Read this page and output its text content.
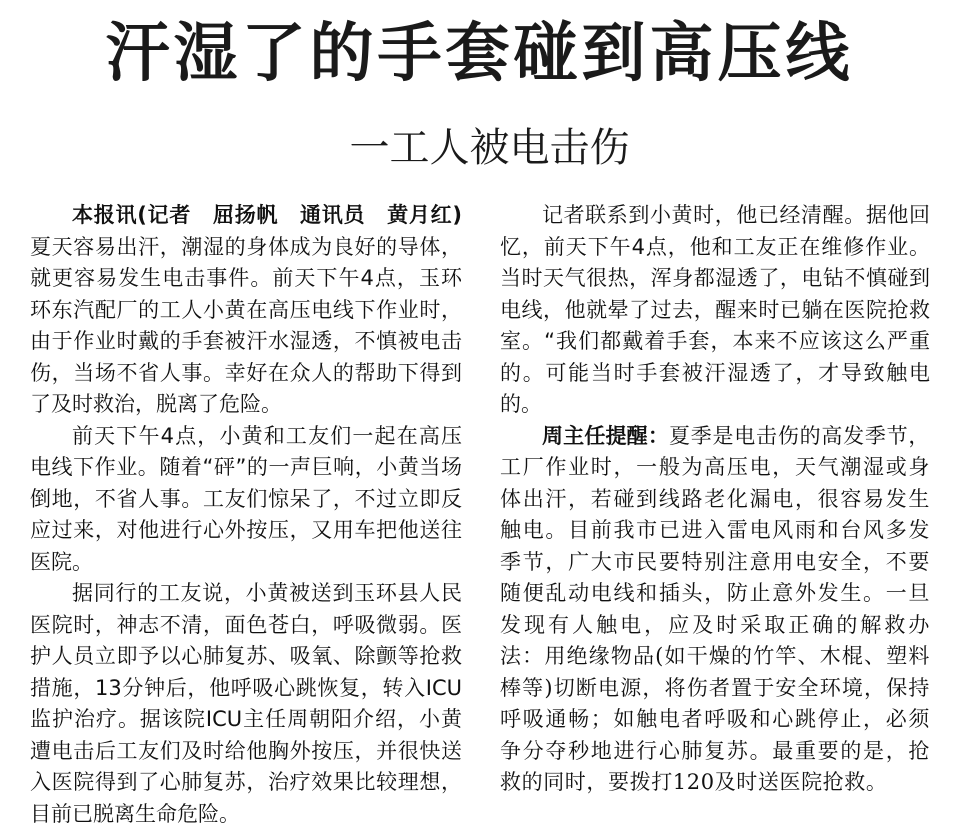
汗湿了的手套碰到高压线
一工人被电击伤

本报讯(记者　屈扬帆　通讯员　黄月红)夏天容易出汗，潮湿的身体成为良好的导体，就更容易发生电击事件。前天下午4点，玉环环东汽配厂的工人小黄在高压电线下作业时，由于作业时戴的手套被汗水湿透，不慎被电击伤，当场不省人事。幸好在众人的帮助下得到了及时救治，脱离了危险。

前天下午4点，小黄和工友们一起在高压电线下作业。随着“砰”的一声巨响，小黄当场倒地，不省人事。工友们惊呆了，不过立即反应过来，对他进行心外按压，又用车把他送往医院。

据同行的工友说，小黄被送到玉环县人民医院时，神志不清，面色苍白，呼吸微弱。医护人员立即予以心肺复苏、吸氧、除颤等抢救措施，13分钟后，他呼吸心跳恢复，转入ICU监护治疗。据该院ICU主任周朝阳介绍，小黄遭电击后工友们及时给他胸外按压，并很快送入医院得到了心肺复苏，治疗效果比较理想，目前已脱离生命危险。

记者联系到小黄时，他已经清醒。据他回忆，前天下午4点，他和工友正在维修作业。当时天气很热，浑身都湿透了，电钻不慎碰到电线，他就晕了过去，醒来时已躺在医院抢救室。“我们都戴着手套，本来不应该这么严重的。可能当时手套被汗湿透了，才导致触电的。

周主任提醒：夏季是电击伤的高发季节，工厂作业时，一般为高压电，天气潮湿或身体出汗，若碰到线路老化漏电，很容易发生触电。目前我市已进入雷电风雨和台风多发季节，广大市民要特别注意用电安全，不要随便乱动电线和插头，防止意外发生。一旦发现有人触电，应及时采取正确的解救办法：用绝缘物品(如干燥的竹竿、木棍、塑料棒等)切断电源，将伤者置于安全环境，保持呼吸通畅；如触电者呼吸和心跳停止，必须争分夺秒地进行心肺复苏。最重要的是，抢救的同时，要拨打120及时送医院抢救。
